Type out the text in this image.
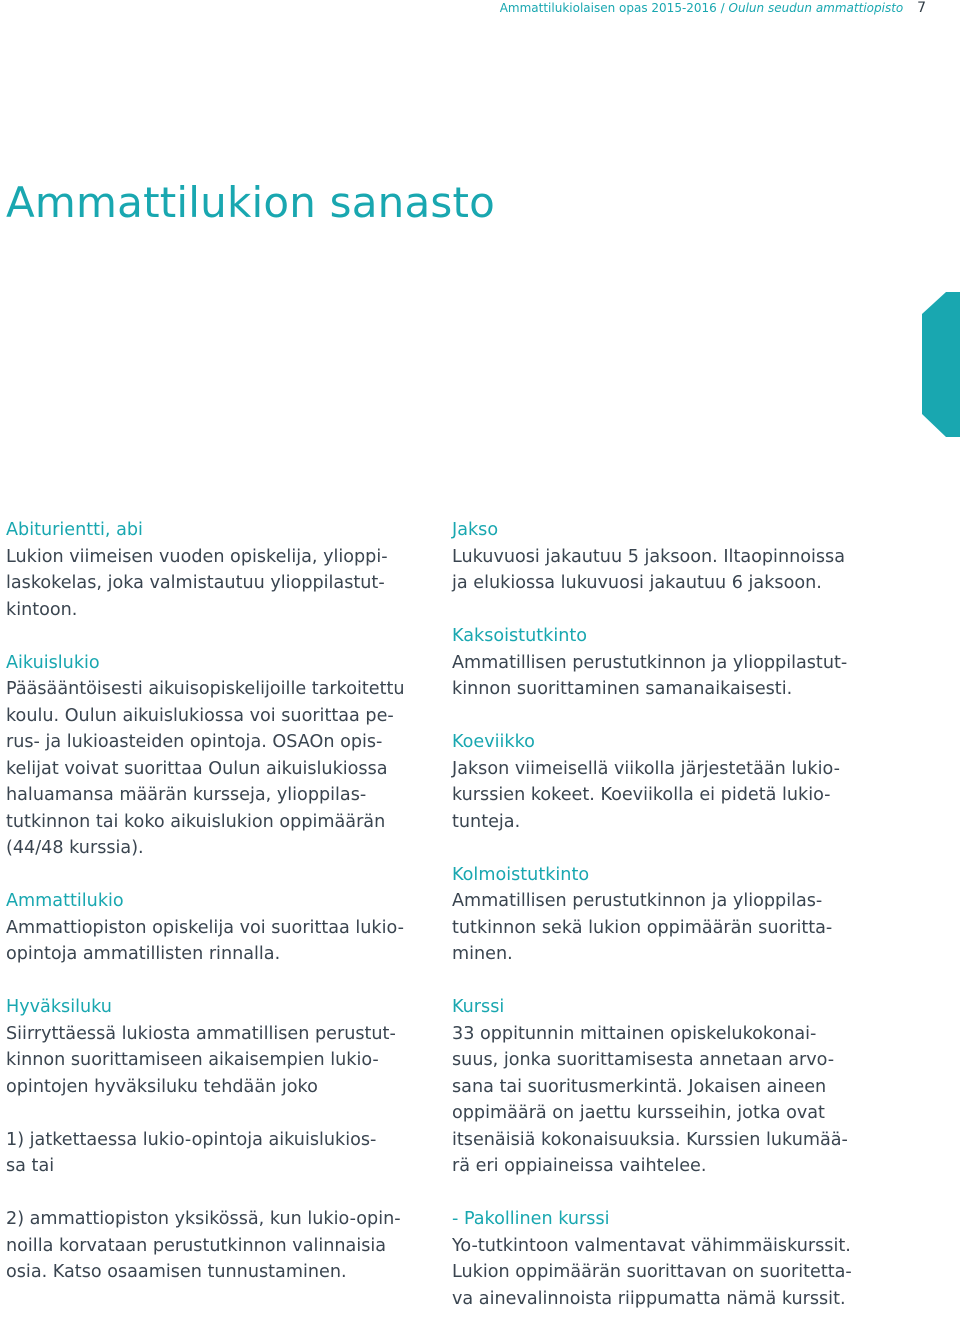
Ammattilukiolaisen opas 2015-2016 / Oulun seudun ammattiopisto 7
Ammattilukion sanasto
Abiturientti, abi
Lukion viimeisen vuoden opiskelija, ylioppi-
laskokelas, joka valmistautuu ylioppilastut-
kintoon.
Aikuislukio
Pääsääntöisesti aikuisopiskelijoille tarkoitettu
koulu. Oulun aikuislukiossa voi suorittaa pe-
rus- ja lukioasteiden opintoja. OSAOn opis-
kelijat voivat suorittaa Oulun aikuislukiossa
haluamansa määrän kursseja, ylioppilas-
tutkinnon tai koko aikuislukion oppimäärän
(44/48 kurssia).
Ammattilukio
Ammattiopiston opiskelija voi suorittaa lukio-
opintoja ammatillisten rinnalla.
Hyväksiluku
Siirryttäessä lukiosta ammatillisen perustut-
kinnon suorittamiseen aikaisempien lukio-
opintojen hyväksiluku tehdään joko
1) jatkettaessa lukio-opintoja aikuislukios-
sa tai
2) ammattiopiston yksikössä, kun lukio-opin-
noilla korvataan perustutkinnon valinnaisia
osia. Katso osaamisen tunnustaminen.
Jakso
Lukuvuosi jakautuu 5 jaksoon. Iltaopinnoissa
ja elukiossa lukuvuosi jakautuu 6 jaksoon.
Kaksoistutkinto
Ammatillisen perustutkinnon ja ylioppilastut-
kinnon suorittaminen samanaikaisesti.
Koeviikko
Jakson viimeisellä viikolla järjestetään lukio-
kurssien kokeet. Koeviikolla ei pidetä lukio-
tunteja.
Kolmoistutkinto
Ammatillisen perustutkinnon ja ylioppilas-
tutkinnon sekä lukion oppimäärän suoritta-
minen.
Kurssi
33 oppitunnin mittainen opiskelukokonai-
suus, jonka suorittamisesta annetaan arvo-
sana tai suoritusmerkintä. Jokaisen aineen
oppimäärä on jaettu kursseihin, jotka ovat
itsenäisiä kokonaisuuksia. Kurssien lukumää-
rä eri oppiaineissa vaihtelee.
- Pakollinen kurssi
Yo-tutkintoon valmentavat vähimmäiskurssit.
Lukion oppimäärän suorittavan on suoritetta-
va ainevalinnoista riippumatta nämä kurssit.
